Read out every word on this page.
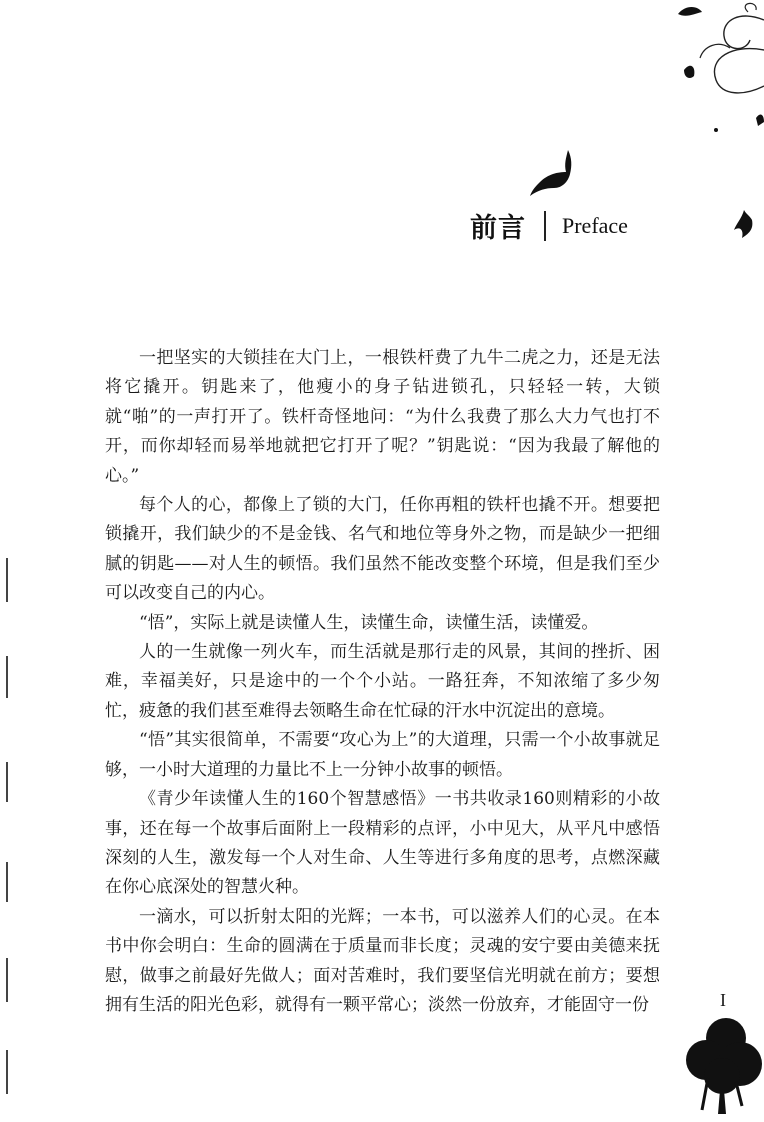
前言 Preface

一把坚实的大锁挂在大门上，一根铁杆费了九牛二虎之力，还是无法将它撬开。钥匙来了，他瘦小的身子钻进锁孔，只轻轻一转，大锁就“啪”的一声打开了。铁杆奇怪地问：“为什么我费了那么大力气也打不开，而你却轻而易举地就把它打开了呢？”钥匙说：“因为我最了解他的心。”

每个人的心，都像上了锁的大门，任你再粗的铁杆也撬不开。想要把锁撬开，我们缺少的不是金钱、名气和地位等身外之物，而是缺少一把细腻的钥匙——对人生的顿悟。我们虽然不能改变整个环境，但是我们至少可以改变自己的内心。

“悟”，实际上就是读懂人生，读懂生命，读懂生活，读懂爱。

人的一生就像一列火车，而生活就是那行走的风景，其间的挫折、困难，幸福美好，只是途中的一个个小站。一路狂奔，不知浓缩了多少匆忙，疲惫的我们甚至难得去领略生命在忙碌的汗水中沉淀出的意境。

“悟”其实很简单，不需要“攻心为上”的大道理，只需一个小故事就足够，一小时大道理的力量比不上一分钟小故事的顿悟。

《青少年读懂人生的160个智慧感悟》一书共收录160则精彩的小故事，还在每一个故事后面附上一段精彩的点评，小中见大，从平凡中感悟深刻的人生，激发每一个人对生命、人生等进行多角度的思考，点燃深藏在你心底深处的智慧火种。

一滴水，可以折射太阳的光辉；一本书，可以滋养人们的心灵。在本书中你会明白：生命的圆满在于质量而非长度；灵魂的安宁要由美德来抚慰，做事之前最好先做人；面对苦难时，我们要坚信光明就在前方；要想拥有生活的阳光色彩，就得有一颗平常心；淡然一份放弃，才能固守一份	I
